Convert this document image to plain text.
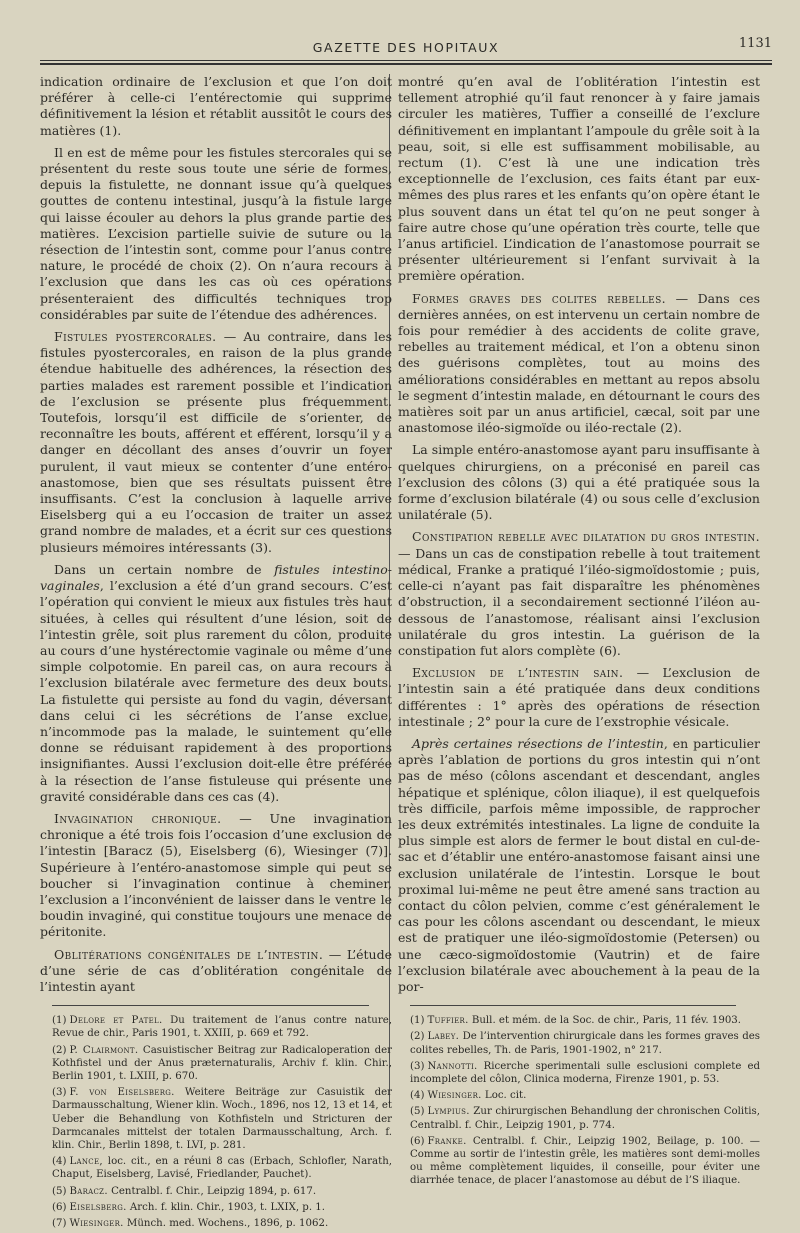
GAZETTE DES HOPITAUX	1131

indication ordinaire de l’exclusion et que l’on doit préférer à celle-ci l’entérectomie qui supprime définitivement la lésion et rétablit aussitôt le cours des matières (1).

Il en est de même pour les fistules stercorales qui se présentent du reste sous toute une série de formes, depuis la fistulette, ne donnant issue qu’à quelques gouttes de contenu intestinal, jusqu’à la fistule large qui laisse écouler au dehors la plus grande partie des matières. L’excision partielle suivie de suture ou la résection de l’intestin sont, comme pour l’anus contre nature, le procédé de choix (2). On n’aura recours à l’exclusion que dans les cas où ces opérations présenteraient des difficultés techniques trop considérables par suite de l’étendue des adhérences.

Fistules pyostercorales. — Au contraire, dans les fistules pyostercorales, en raison de la plus grande étendue habituelle des adhérences, la résection des parties malades est rarement possible et l’indication de l’exclusion se présente plus fréquemment. Toutefois, lorsqu’il est difficile de s’orienter, de reconnaître les bouts, afférent et efférent, lorsqu’il y a danger en décollant des anses d’ouvrir un foyer purulent, il vaut mieux se contenter d’une entéro-anastomose, bien que ses résultats puissent être insuffisants. C’est la conclusion à laquelle arrive Eiselsberg qui a eu l’occasion de traiter un assez grand nombre de malades, et a écrit sur ces questions plusieurs mémoires intéressants (3).

Dans un certain nombre de fistules intestino-vaginales, l’exclusion a été d’un grand secours. C’est l’opération qui convient le mieux aux fistules très haut situées, à celles qui résultent d’une lésion, soit de l’intestin grêle, soit plus rarement du côlon, produite au cours d’une hystérectomie vaginale ou même d’une simple colpotomie. En pareil cas, on aura recours à l’exclusion bilatérale avec fermeture des deux bouts. La fistulette qui persiste au fond du vagin, déversant dans celui ci les sécrétions de l’anse exclue, n’incommode pas la malade, le suintement qu’elle donne se réduisant rapidement à des proportions insignifiantes. Aussi l’exclusion doit-elle être préférée à la résection de l’anse fistuleuse qui présente une gravité considérable dans ces cas (4).

Invagination chronique. — Une invagination chronique a été trois fois l’occasion d’une exclusion de l’intestin [Baracz (5), Eiselsberg (6), Wiesinger (7)]. Supérieure à l’entéro-anastomose simple qui peut se boucher si l’invagination continue à cheminer, l’exclusion a l’inconvénient de laisser dans le ventre le boudin invaginé, qui constitue toujours une menace de péritonite.

Oblitérations congénitales de l’intestin. — L’étude d’une série de cas d’oblitération congénitale de l’intestin ayant

(1) Delore et Patel. Du traitement de l’anus contre nature, Revue de chir., Paris 1901, t. XXIII, p. 669 et 792.

(2) P. Clairmont. Casuistischer Beitrag zur Radicaloperation der Kothfistel und der Anus præternaturalis, Archiv f. klin. Chir., Berlin 1901, t. LXIII, p. 670.

(3) F. von Eiselsberg. Weitere Beiträge zur Casuistik der Darmausschaltung, Wiener klin. Woch., 1896, nos 12, 13 et 14, et Ueber die Behandlung von Kothfisteln und Stricturen der Darmcanales mittelst der totalen Darmausschaltung, Arch. f. klin. Chir., Berlin 1898, t. LVI, p. 281.

(4) Lance, loc. cit., en a réuni 8 cas (Erbach, Schlofler, Narath, Chaput, Eiselsberg, Lavisé, Friedlander, Pauchet).

(5) Baracz. Centralbl. f. Chir., Leipzig 1894, p. 617.

(6) Eiselsberg. Arch. f. klin. Chir., 1903, t. LXIX, p. 1.

(7) Wiesinger. Münch. med. Wochens., 1896, p. 1062.

montré qu’en aval de l’oblitération l’intestin est tellement atrophié qu’il faut renoncer à y faire jamais circuler les matières, Tuffier a conseillé de l’exclure définitivement en implantant l’ampoule du grêle soit à la peau, soit, si elle est suffisamment mobilisable, au rectum (1). C’est là une une indication très exceptionnelle de l’exclusion, ces faits étant par eux-mêmes des plus rares et les enfants qu’on opère étant le plus souvent dans un état tel qu’on ne peut songer à faire autre chose qu’une opération très courte, telle que l’anus artificiel. L’indication de l’anastomose pourrait se présenter ultérieurement si l’enfant survivait à la première opération.

Formes graves des colites rebelles. — Dans ces dernières années, on est intervenu un certain nombre de fois pour remédier à des accidents de colite grave, rebelles au traitement médical, et l’on a obtenu sinon des guérisons complètes, tout au moins des améliorations considérables en mettant au repos absolu le segment d’intestin malade, en détournant le cours des matières soit par un anus artificiel, cæcal, soit par une anastomose iléo-sigmoïde ou iléo-rectale (2).

La simple entéro-anastomose ayant paru insuffisante à quelques chirurgiens, on a préconisé en pareil cas l’exclusion des côlons (3) qui a été pratiquée sous la forme d’exclusion bilatérale (4) ou sous celle d’exclusion unilatérale (5).

Constipation rebelle avec dilatation du gros intestin. — Dans un cas de constipation rebelle à tout traitement médical, Franke a pratiqué l’iléo-sigmoïdostomie ; puis, celle-ci n’ayant pas fait disparaître les phénomènes d’obstruction, il a secondairement sectionné l’iléon au-dessous de l’anastomose, réalisant ainsi l’exclusion unilatérale du gros intestin. La guérison de la constipation fut alors complète (6).

Exclusion de l’intestin sain. — L’exclusion de l’intestin sain a été pratiquée dans deux conditions différentes : 1° après des opérations de résection intestinale ; 2° pour la cure de l’exstrophie vésicale.

Après certaines résections de l’intestin, en particulier après l’ablation de portions du gros intestin qui n’ont pas de méso (côlons ascendant et descendant, angles hépatique et splénique, côlon iliaque), il est quelquefois très difficile, parfois même impossible, de rapprocher les deux extrémités intestinales. La ligne de conduite la plus simple est alors de fermer le bout distal en cul-de-sac et d’établir une entéro-anastomose faisant ainsi une exclusion unilatérale de l’intestin. Lorsque le bout proximal lui-même ne peut être amené sans traction au contact du côlon pelvien, comme c’est généralement le cas pour les côlons ascendant ou descendant, le mieux est de pratiquer une iléo-sigmoïdostomie (Petersen) ou une cæco-sigmoïdostomie (Vautrin) et de faire l’exclusion bilatérale avec abouchement à la peau de la por-

(1) Tuffier. Bull. et mém. de la Soc. de chir., Paris, 11 fév. 1903.

(2) Labey. De l’intervention chirurgicale dans les formes graves des colites rebelles, Th. de Paris, 1901-1902, n° 217.

(3) Nannotti. Ricerche sperimentali sulle esclusioni complete ed incomplete del côlon, Clinica moderna, Firenze 1901, p. 53.

(4) Wiesinger. Loc. cit.

(5) Lympius. Zur chirurgischen Behandlung der chronischen Colitis, Centralbl. f. Chir., Leipzig 1901, p. 774.

(6) Franke. Centralbl. f. Chir., Leipzig 1902, Beilage, p. 100. — Comme au sortir de l’intestin grêle, les matières sont demi-molles ou même complètement liquides, il conseille, pour éviter une diarrhée tenace, de placer l’anastomose au début de l’S iliaque.
